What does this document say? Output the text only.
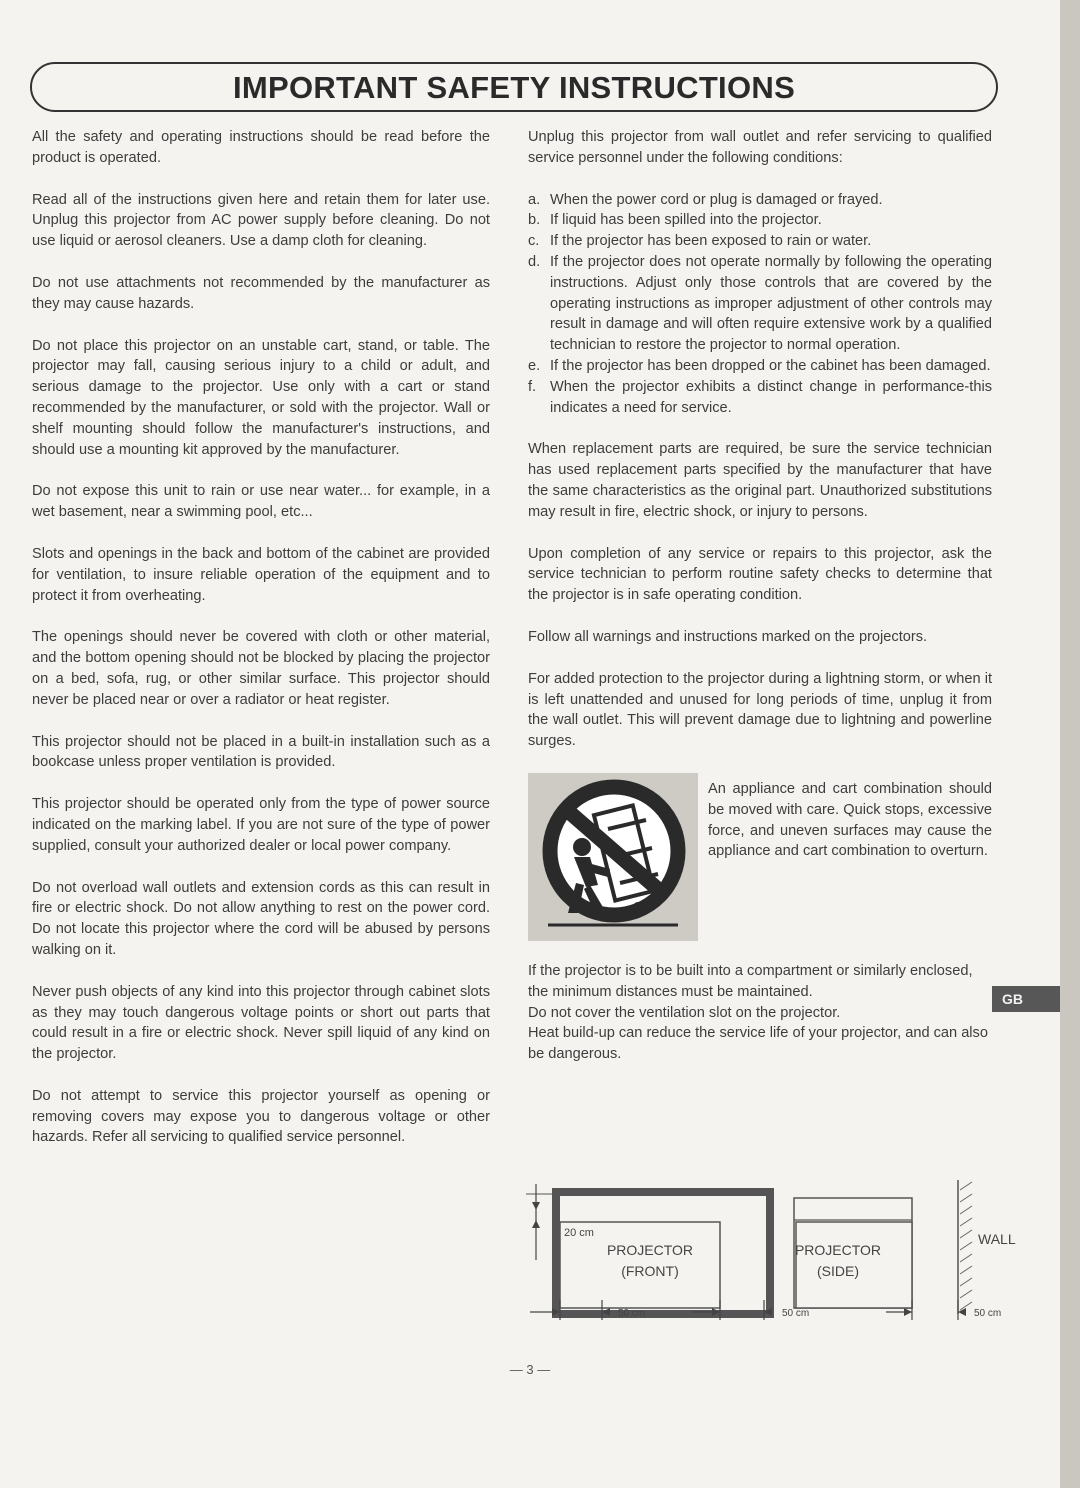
IMPORTANT SAFETY INSTRUCTIONS

All the safety and operating instructions should be read before the product is operated.

Read all of the instructions given here and retain them for later use. Unplug this projector from AC power supply before cleaning. Do not use liquid or aerosol cleaners. Use a damp cloth for cleaning.

Do not use attachments not recommended by the manufacturer as they may cause hazards.

Do not place this projector on an unstable cart, stand, or table. The projector may fall, causing serious injury to a child or adult, and serious damage to the projector. Use only with a cart or stand recommended by the manufacturer, or sold with the projector. Wall or shelf mounting should follow the manufacturer's instructions, and should use a mounting kit approved by the manufacturer.

Do not expose this unit to rain or use near water... for example, in a wet basement, near a swimming pool, etc...

Slots and openings in the back and bottom of the cabinet are provided for ventilation, to insure reliable operation of the equipment and to protect it from overheating.

The openings should never be covered with cloth or other material, and the bottom opening should not be blocked by placing the projector on a bed, sofa, rug, or other similar surface. This projector should never be placed near or over a radiator or heat register.

This projector should not be placed in a built-in installation such as a bookcase unless proper ventilation is provided.

This projector should be operated only from the type of power source indicated on the marking label. If you are not sure of the type of power supplied, consult your authorized dealer or local power company.

Do not overload wall outlets and extension cords as this can result in fire or electric shock. Do not allow anything to rest on the power cord. Do not locate this projector where the cord will be abused by persons walking on it.

Never push objects of any kind into this projector through cabinet slots as they may touch dangerous voltage points or short out parts that could result in a fire or electric shock. Never spill liquid of any kind on the projector.

Do not attempt to service this projector yourself as opening or removing covers may expose you to dangerous voltage or other hazards. Refer all servicing to qualified service personnel.

Unplug this projector from wall outlet and refer servicing to qualified service personnel under the following conditions:

a. When the power cord or plug is damaged or frayed.
b. If liquid has been spilled into the projector.
c. If the projector has been exposed to rain or water.
d. If the projector does not operate normally by following the operating instructions. Adjust only those controls that are covered by the operating instructions as improper adjustment of other controls may result in damage and will often require extensive work by a qualified technician to restore the projector to normal operation.
e. If the projector has been dropped or the cabinet has been damaged.
f. When the projector exhibits a distinct change in performance-this indicates a need for service.

When replacement parts are required, be sure the service technician has used replacement parts specified by the manufacturer that have the same characteristics as the original part. Unauthorized substitutions may result in fire, electric shock, or injury to persons.

Upon completion of any service or repairs to this projector, ask the service technician to perform routine safety checks to determine that the projector is in safe operating condition.

Follow all warnings and instructions marked on the projectors.

For added protection to the projector during a lightning storm, or when it is left unattended and unused for long periods of time, unplug it from the wall outlet. This will prevent damage due to lightning and powerline surges.

An appliance and cart combination should be moved with care. Quick stops, excessive force, and uneven surfaces may cause the appliance and cart combination to overturn.

If the projector is to be built into a compartment or similarly enclosed, the minimum distances must be maintained.

Do not cover the ventilation slot on the projector.

Heat build-up can reduce the service life of your projector, and can also be dangerous.

GB
20 cm
PROJECTOR
(FRONT)
PROJECTOR
(SIDE)
WALL
50 cm	50 cm	50 cm
— 3 —
